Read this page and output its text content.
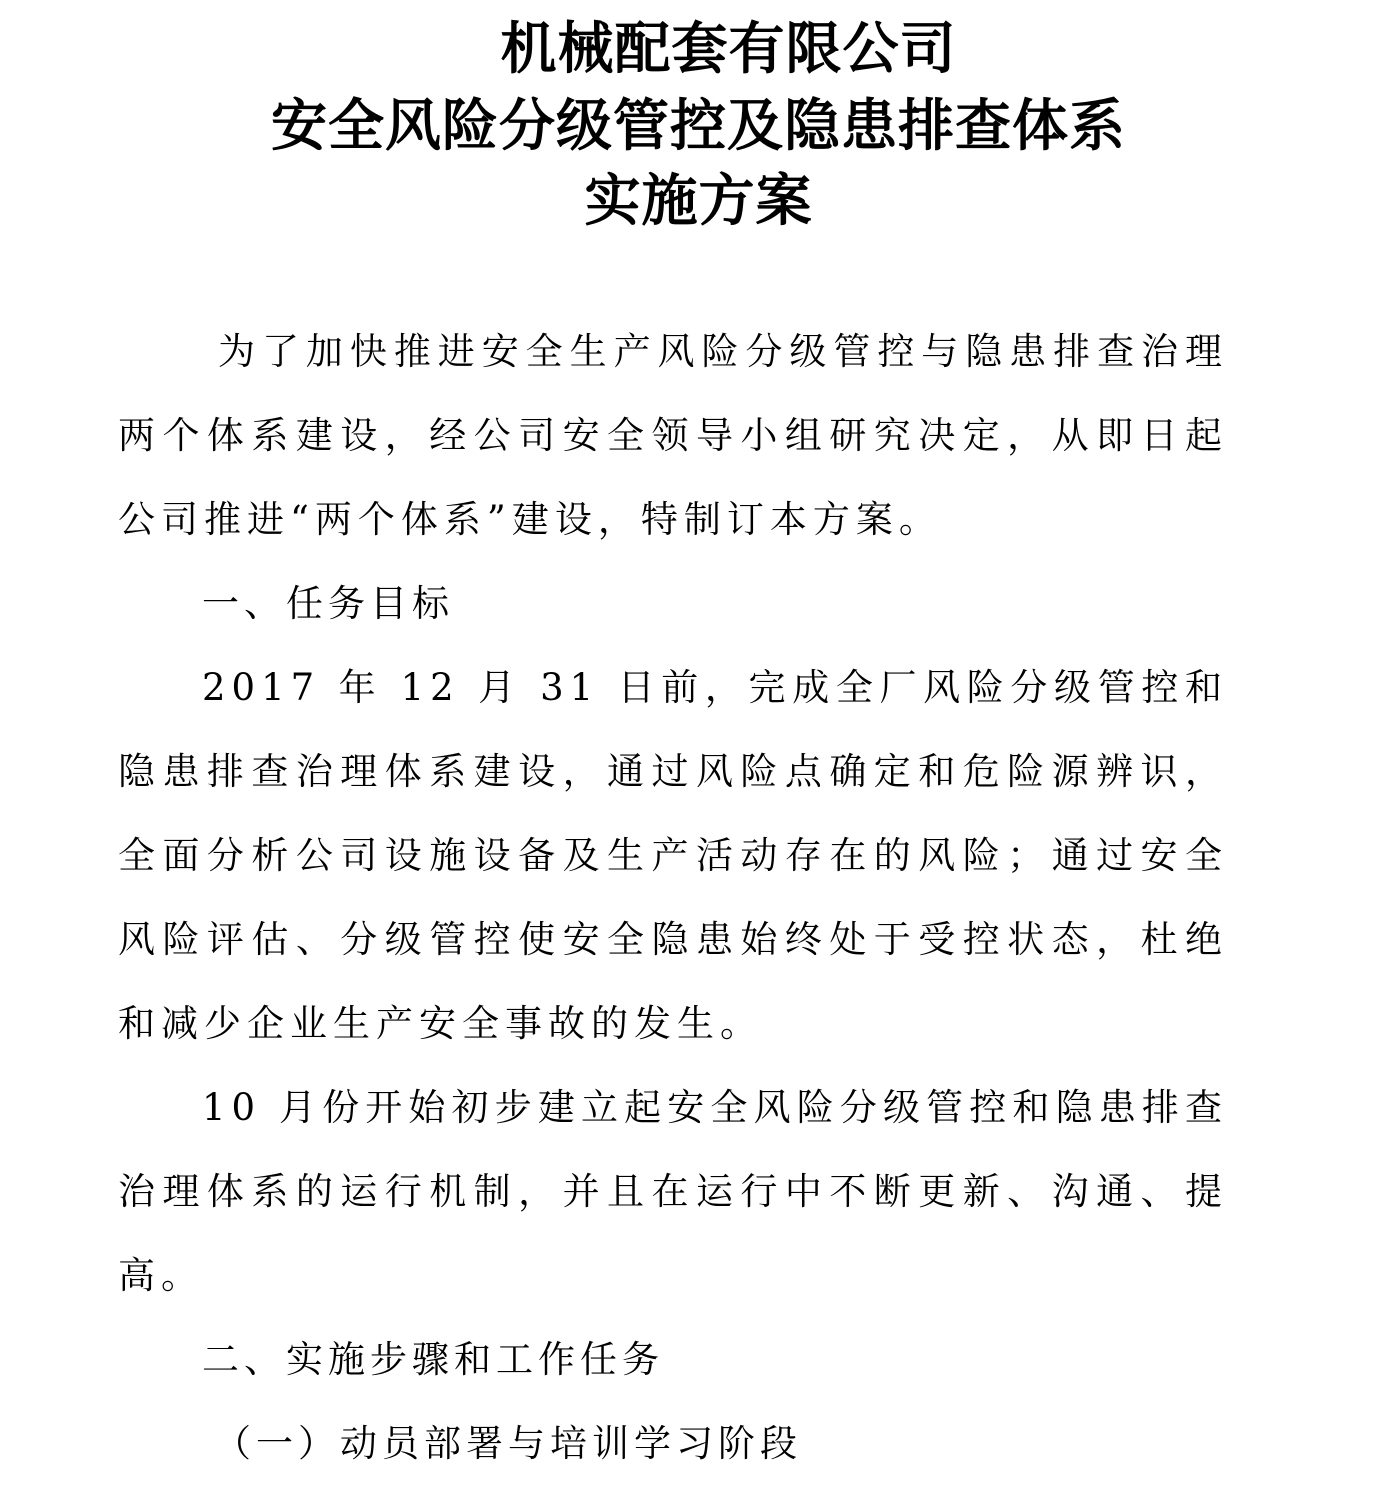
机械配套有限公司
安全风险分级管控及隐患排查体系
实施方案

为了加快推进安全生产风险分级管控与隐患排查治理两个体系建设，经公司安全领导小组研究决定，从即日起公司推进“两个体系”建设，特制订本方案。

一、任务目标

2017 年 12 月 31 日前，完成全厂风险分级管控和隐患排查治理体系建设，通过风险点确定和危险源辨识，全面分析公司设施设备及生产活动存在的风险；通过安全风险评估、分级管控使安全隐患始终处于受控状态，杜绝和减少企业生产安全事故的发生。

10 月份开始初步建立起安全风险分级管控和隐患排查治理体系的运行机制，并且在运行中不断更新、沟通、提高。

二、实施步骤和工作任务

（一）动员部署与培训学习阶段
